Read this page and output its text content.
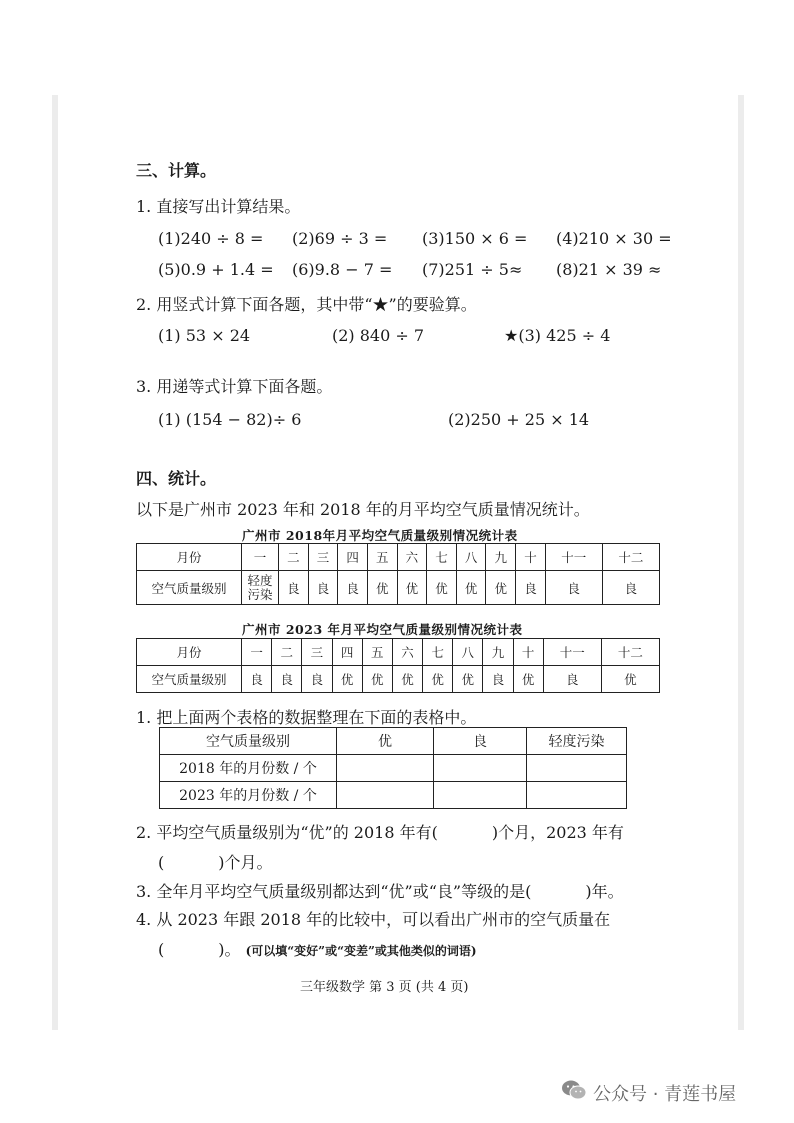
三、计算。
1. 直接写出计算结果。
(1)240 ÷ 8 = (2)69 ÷ 3 = (3)150 × 6 = (4)210 × 30 =
(5)0.9 + 1.4 = (6)9.8 − 7 = (7)251 ÷ 5≈ (8)21 × 39 ≈
2. 用竖式计算下面各题，其中带“★”的要验算。
(1) 53 × 24	(2) 840 ÷ 7	★(3) 425 ÷ 4
3. 用递等式计算下面各题。
(1) (154 − 82)÷ 6	(2)250 + 25 × 14
四、统计。
以下是广州市 2023 年和 2018 年的月平均空气质量情况统计。
广州市 2018年月平均空气质量级别情况统计表
月份	一	二	三	四	五	六	七	八	九	十	十一	十二
空气质量级别	轻度污染	良	良	良	优	优	优	优	优	良	良	良
广州市 2023 年月平均空气质量级别情况统计表
月份	一	二	三	四	五	六	七	八	九	十	十一	十二
空气质量级别	良	良	良	优	优	优	优	优	良	优	良	优
1. 把上面两个表格的数据整理在下面的表格中。
空气质量级别	优	良	轻度污染
2018 年的月份数 / 个			
2023 年的月份数 / 个			
2. 平均空气质量级别为“优”的 2018 年有(	)个月，2023 年有
(	)个月。
3. 全年月平均空气质量级别都达到“优”或“良”等级的是(	)年。
4. 从 2023 年跟 2018 年的比较中，可以看出广州市的空气质量在
(	)。 (可以填“变好”或“变差”或其他类似的词语)
三年级数学 第 3 页 (共 4 页)
公众号 · 青莲书屋
